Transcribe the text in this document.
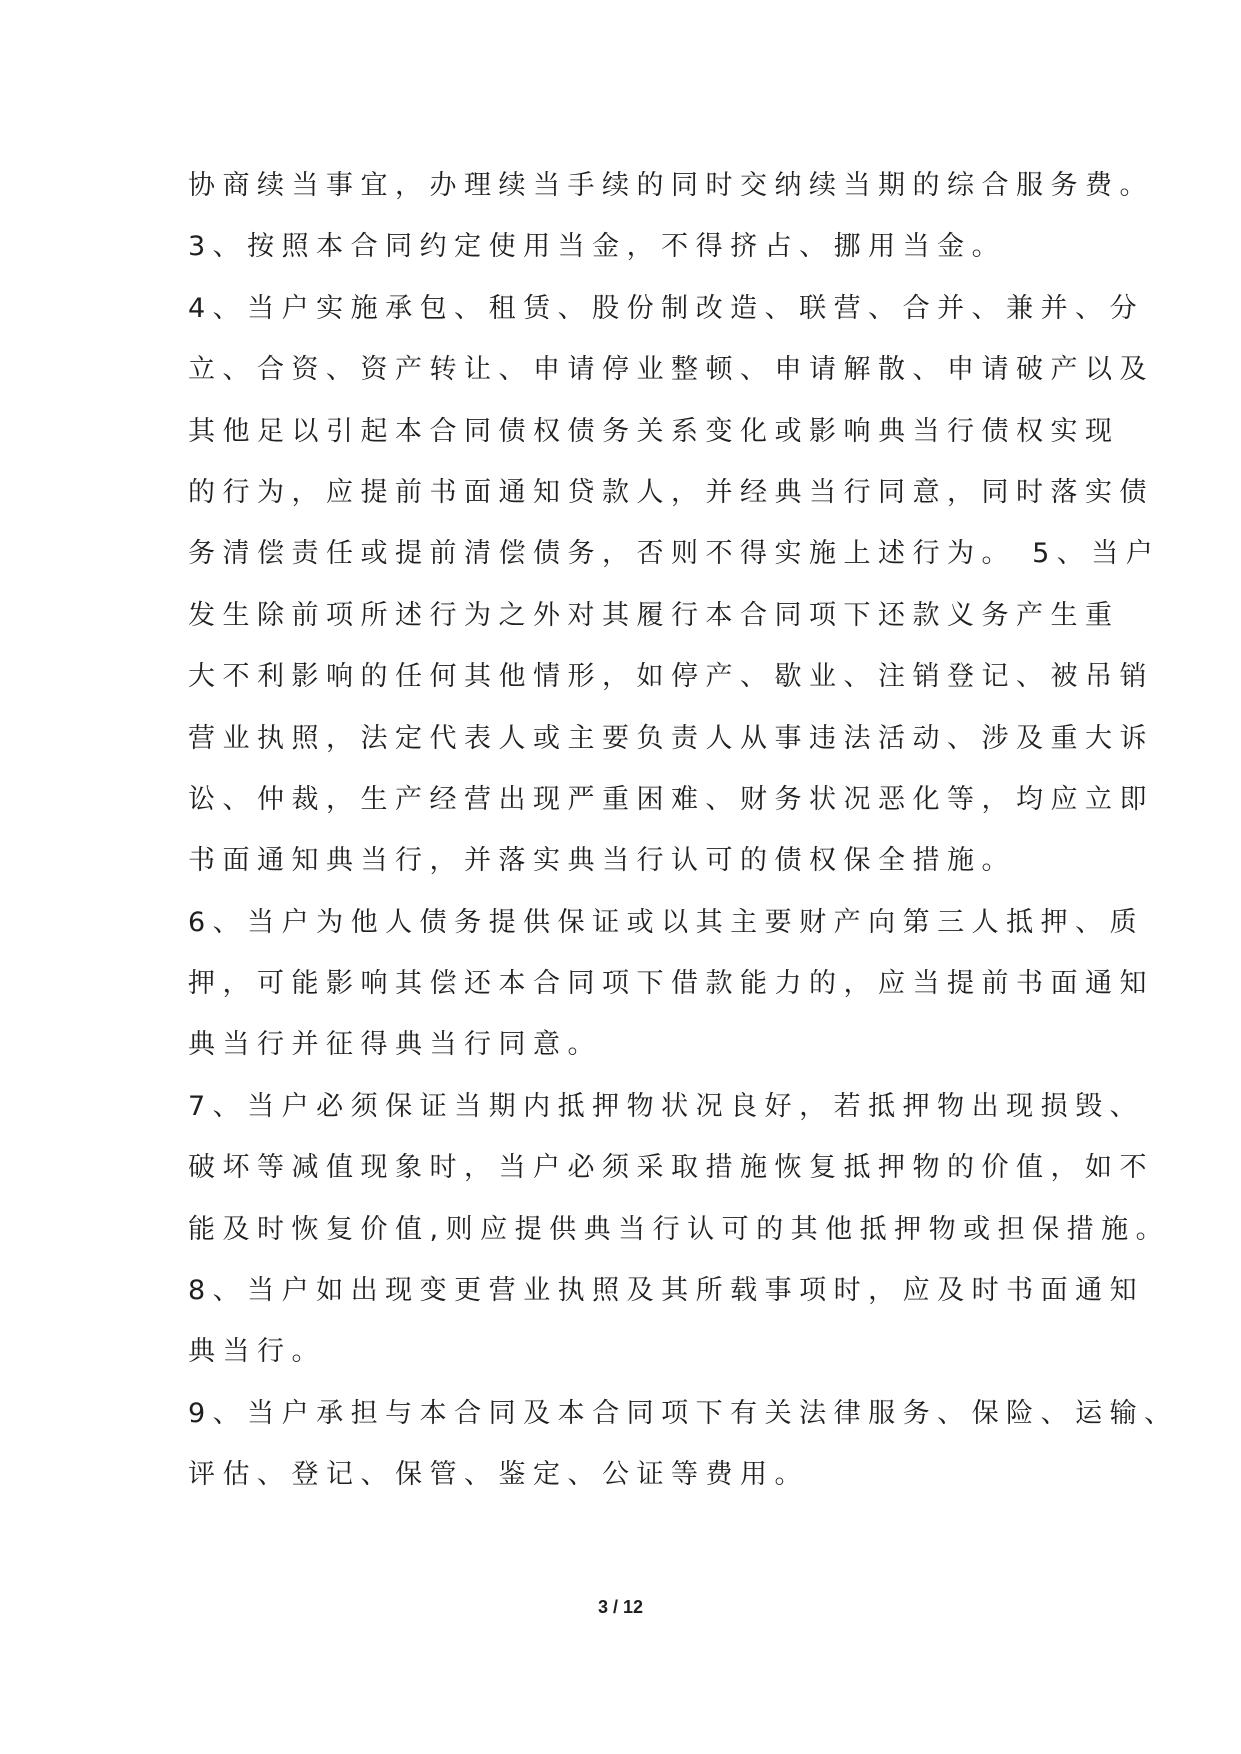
协商续当事宜，办理续当手续的同时交纳续当期的综合服务费。
3、按照本合同约定使用当金，不得挤占、挪用当金。
4、当户实施承包、租赁、股份制改造、联营、合并、兼并、分
立、合资、资产转让、申请停业整顿、申请解散、申请破产以及
其他足以引起本合同债权债务关系变化或影响典当行债权实现
的行为，应提前书面通知贷款人，并经典当行同意，同时落实债
务清偿责任或提前清偿债务，否则不得实施上述行为。 5、当户
发生除前项所述行为之外对其履行本合同项下还款义务产生重
大不利影响的任何其他情形，如停产、歇业、注销登记、被吊销
营业执照，法定代表人或主要负责人从事违法活动、涉及重大诉
讼、仲裁，生产经营出现严重困难、财务状况恶化等，均应立即
书面通知典当行，并落实典当行认可的债权保全措施。
6、当户为他人债务提供保证或以其主要财产向第三人抵押、质
押，可能影响其偿还本合同项下借款能力的，应当提前书面通知
典当行并征得典当行同意。
7、当户必须保证当期内抵押物状况良好，若抵押物出现损毁、
破坏等减值现象时，当户必须采取措施恢复抵押物的价值，如不
能及时恢复价值,则应提供典当行认可的其他抵押物或担保措施。
8、当户如出现变更营业执照及其所载事项时，应及时书面通知
典当行。
9、当户承担与本合同及本合同项下有关法律服务、保险、运输、
评估、登记、保管、鉴定、公证等费用。
3 / 12
